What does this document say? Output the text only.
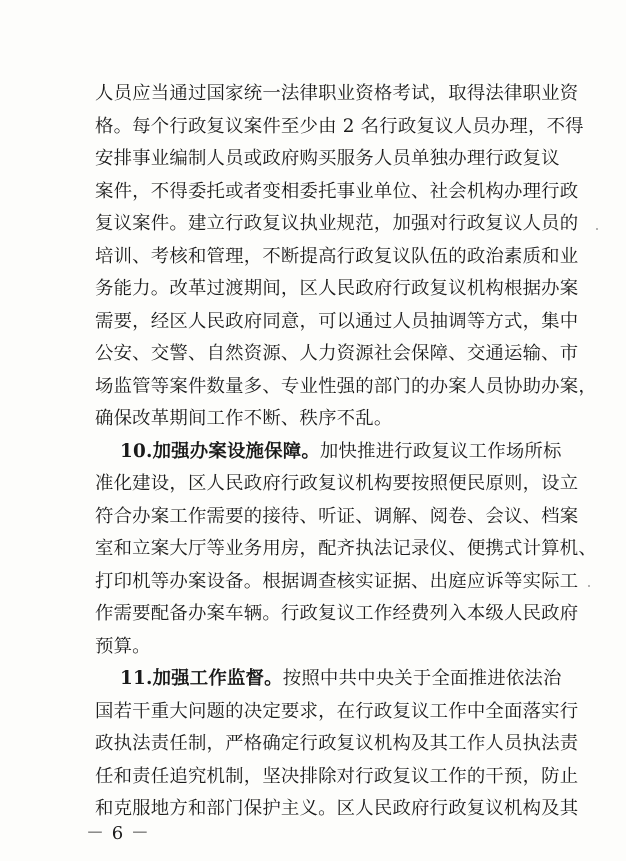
人员应当通过国家统一法律职业资格考试，取得法律职业资
格。每个行政复议案件至少由 2 名行政复议人员办理，不得
安排事业编制人员或政府购买服务人员单独办理行政复议
案件，不得委托或者变相委托事业单位、社会机构办理行政
复议案件。建立行政复议执业规范，加强对行政复议人员的
培训、考核和管理，不断提高行政复议队伍的政治素质和业
务能力。改革过渡期间，区人民政府行政复议机构根据办案
需要，经区人民政府同意，可以通过人员抽调等方式，集中
公安、交警、自然资源、人力资源社会保障、交通运输、市
场监管等案件数量多、专业性强的部门的办案人员协助办案，
确保改革期间工作不断、秩序不乱。
10.加强办案设施保障。加快推进行政复议工作场所标
准化建设，区人民政府行政复议机构要按照便民原则，设立
符合办案工作需要的接待、听证、调解、阅卷、会议、档案
室和立案大厅等业务用房，配齐执法记录仪、便携式计算机、
打印机等办案设备。根据调查核实证据、出庭应诉等实际工
作需要配备办案车辆。行政复议工作经费列入本级人民政府
预算。
11.加强工作监督。按照中共中央关于全面推进依法治
国若干重大问题的决定要求，在行政复议工作中全面落实行
政执法责任制，严格确定行政复议机构及其工作人员执法责
任和责任追究机制，坚决排除对行政复议工作的干预，防止
和克服地方和部门保护主义。区人民政府行政复议机构及其
－ 6 －
